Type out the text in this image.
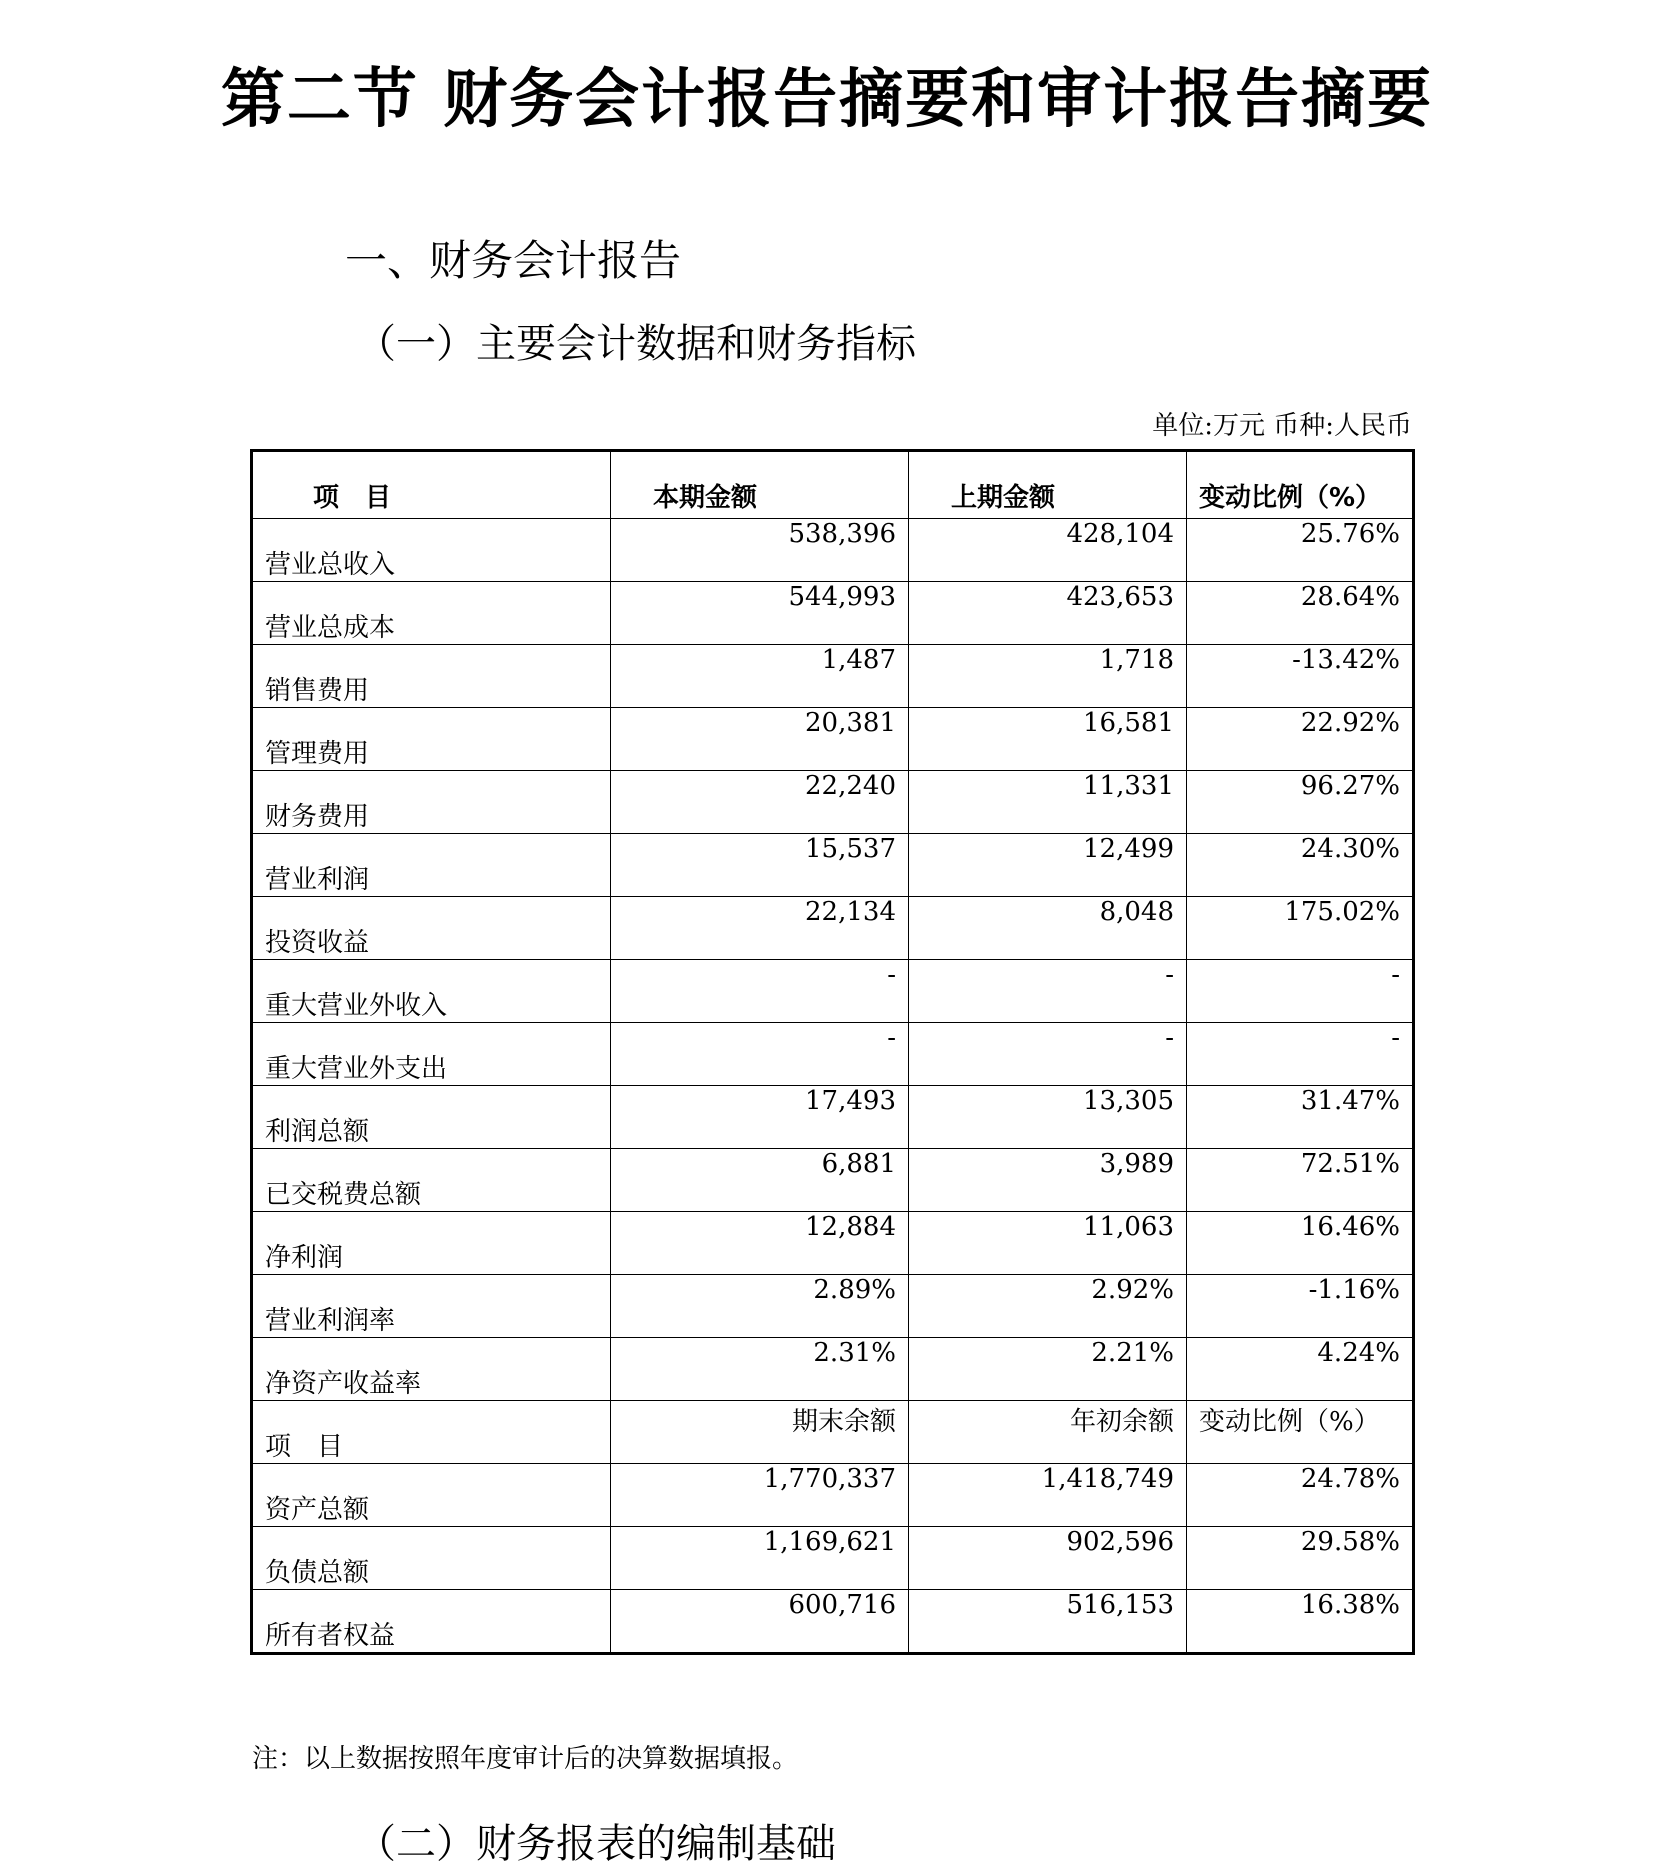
第二节 财务会计报告摘要和审计报告摘要
一、财务会计报告
（一）主要会计数据和财务指标
单位:万元 币种:人民币
项　目	本期金额	上期金额	变动比例（%）
营业总收入	538,396	428,104	25.76%
营业总成本	544,993	423,653	28.64%
销售费用	1,487	1,718	-13.42%
管理费用	20,381	16,581	22.92%
财务费用	22,240	11,331	96.27%
营业利润	15,537	12,499	24.30%
投资收益	22,134	8,048	175.02%
重大营业外收入	-	-	-
重大营业外支出	-	-	-
利润总额	17,493	13,305	31.47%
已交税费总额	6,881	3,989	72.51%
净利润	12,884	11,063	16.46%
营业利润率	2.89%	2.92%	-1.16%
净资产收益率	2.31%	2.21%	4.24%
项　目	期末余额	年初余额	变动比例（%）
资产总额	1,770,337	1,418,749	24.78%
负债总额	1,169,621	902,596	29.58%
所有者权益	600,716	516,153	16.38%
注：以上数据按照年度审计后的决算数据填报。
（二）财务报表的编制基础
